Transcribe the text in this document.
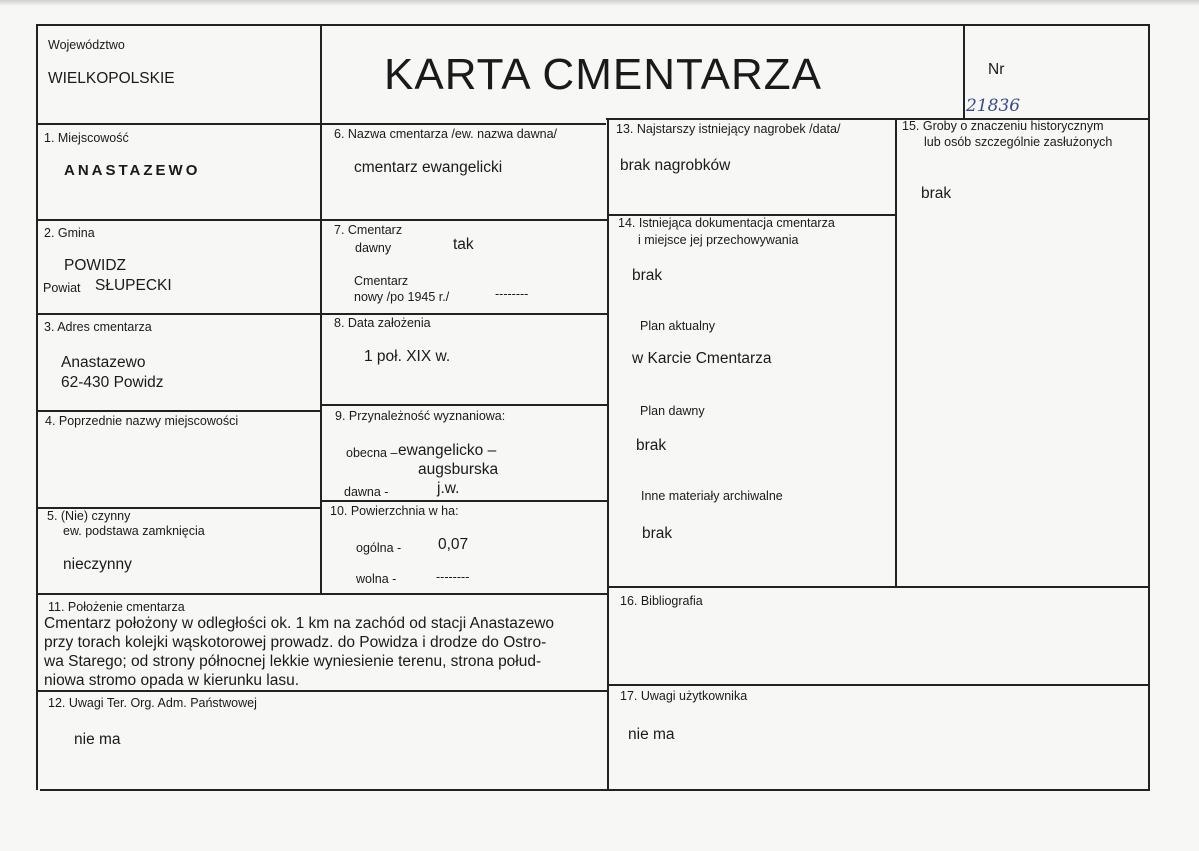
Województwo
WIELKOPOLSKIE	KARTA CMENTARZA	Nr
21836
1. Miejscowość
ANASTAZEWO
2. Gmina
POWIDZ
Powiat SŁUPECKI
3. Adres cmentarza
Anastazewo
62-430 Powidz
4. Poprzednie nazwy miejscowości
5. (Nie) czynny
ew. podstawa zamknięcia
nieczynny
6. Nazwa cmentarza /ew. nazwa dawna/
cmentarz ewangelicki
7. Cmentarz
dawny	tak
Cmentarz
nowy /po 1945 r./	--------
8. Data założenia
1 poł. XIX w.
9. Przynależność wyznaniowa:
obecna – ewangelicko –
augsburska
dawna -	j.w.
10. Powierzchnia w ha:
ogólna - 0,07
wolna -	--------
13. Najstarszy istniejący nagrobek /data/
brak nagrobków
14. Istniejąca dokumentacja cmentarza
i miejsce jej przechowywania
brak
Plan aktualny
w Karcie Cmentarza
Plan dawny
brak
Inne materiały archiwalne
brak
15. Groby o znaczeniu historycznym
lub osób szczególnie zasłużonych
brak
11. Położenie cmentarza
Cmentarz położony w odległości ok. 1 km na zachód od stacji Anastazewo
przy torach kolejki wąskotorowej prowadz. do Powidza i drodze do Ostro-
wa Starego; od strony północnej lekkie wyniesienie terenu, strona połud-
niowa stromo opada w kierunku lasu.
16. Bibliografia
12. Uwagi Ter. Org. Adm. Państwowej
nie ma
17. Uwagi użytkownika
nie ma
